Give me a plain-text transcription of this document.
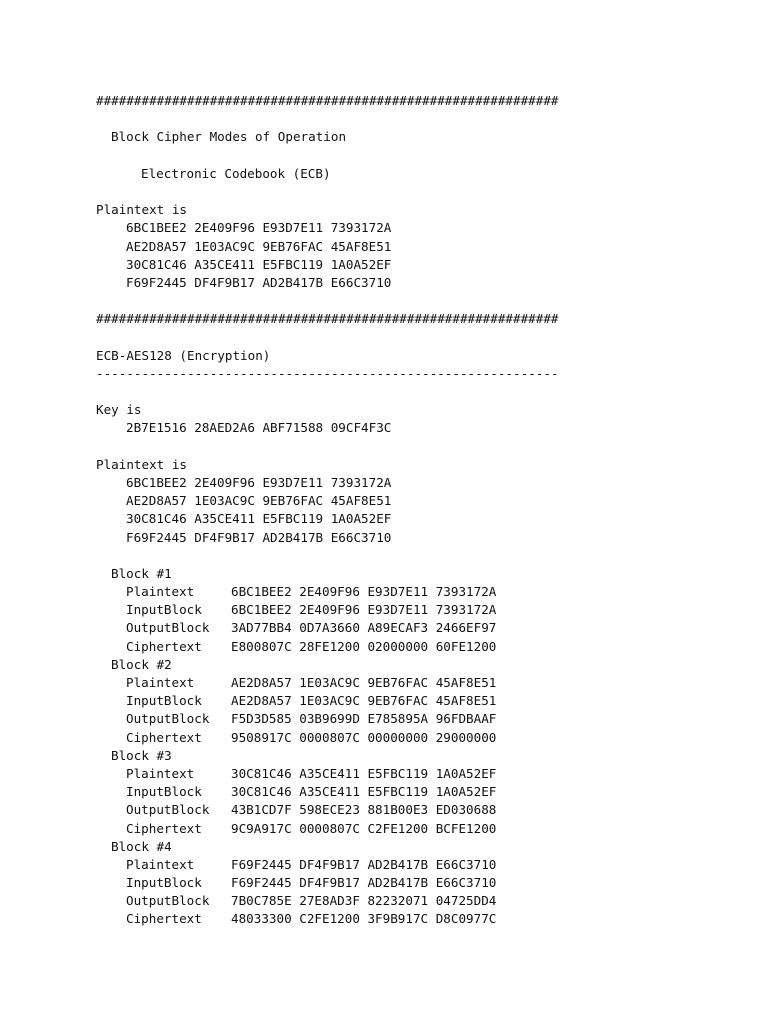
#############################################################
Block Cipher Modes of Operation
Electronic Codebook (ECB)
Plaintext is
6BC1BEE2 2E409F96 E93D7E11 7393172A
AE2D8A57 1E03AC9C 9EB76FAC 45AF8E51
30C81C46 A35CE411 E5FBC119 1A0A52EF
F69F2445 DF4F9B17 AD2B417B E66C3710
#############################################################
ECB-AES128 (Encryption)
-------------------------------------------------------------
Key is
2B7E1516 28AED2A6 ABF71588 09CF4F3C
Plaintext is
6BC1BEE2 2E409F96 E93D7E11 7393172A
AE2D8A57 1E03AC9C 9EB76FAC 45AF8E51
30C81C46 A35CE411 E5FBC119 1A0A52EF
F69F2445 DF4F9B17 AD2B417B E66C3710
Block #1
Plaintext	6BC1BEE2 2E409F96 E93D7E11 7393172A
InputBlock 6BC1BEE2 2E409F96 E93D7E11 7393172A
OutputBlock 3AD77BB4 0D7A3660 A89ECAF3 2466EF97
Ciphertext E800807C 28FE1200 02000000 60FE1200
Block #2
Plaintext	AE2D8A57 1E03AC9C 9EB76FAC 45AF8E51
InputBlock AE2D8A57 1E03AC9C 9EB76FAC 45AF8E51
OutputBlock F5D3D585 03B9699D E785895A 96FDBAAF
Ciphertext 9508917C 0000807C 00000000 29000000
Block #3
Plaintext	30C81C46 A35CE411 E5FBC119 1A0A52EF
InputBlock 30C81C46 A35CE411 E5FBC119 1A0A52EF
OutputBlock 43B1CD7F 598ECE23 881B00E3 ED030688
Ciphertext 9C9A917C 0000807C C2FE1200 BCFE1200
Block #4
Plaintext	F69F2445 DF4F9B17 AD2B417B E66C3710
InputBlock F69F2445 DF4F9B17 AD2B417B E66C3710
OutputBlock 7B0C785E 27E8AD3F 82232071 04725DD4
Ciphertext 48033300 C2FE1200 3F9B917C D8C0977C
